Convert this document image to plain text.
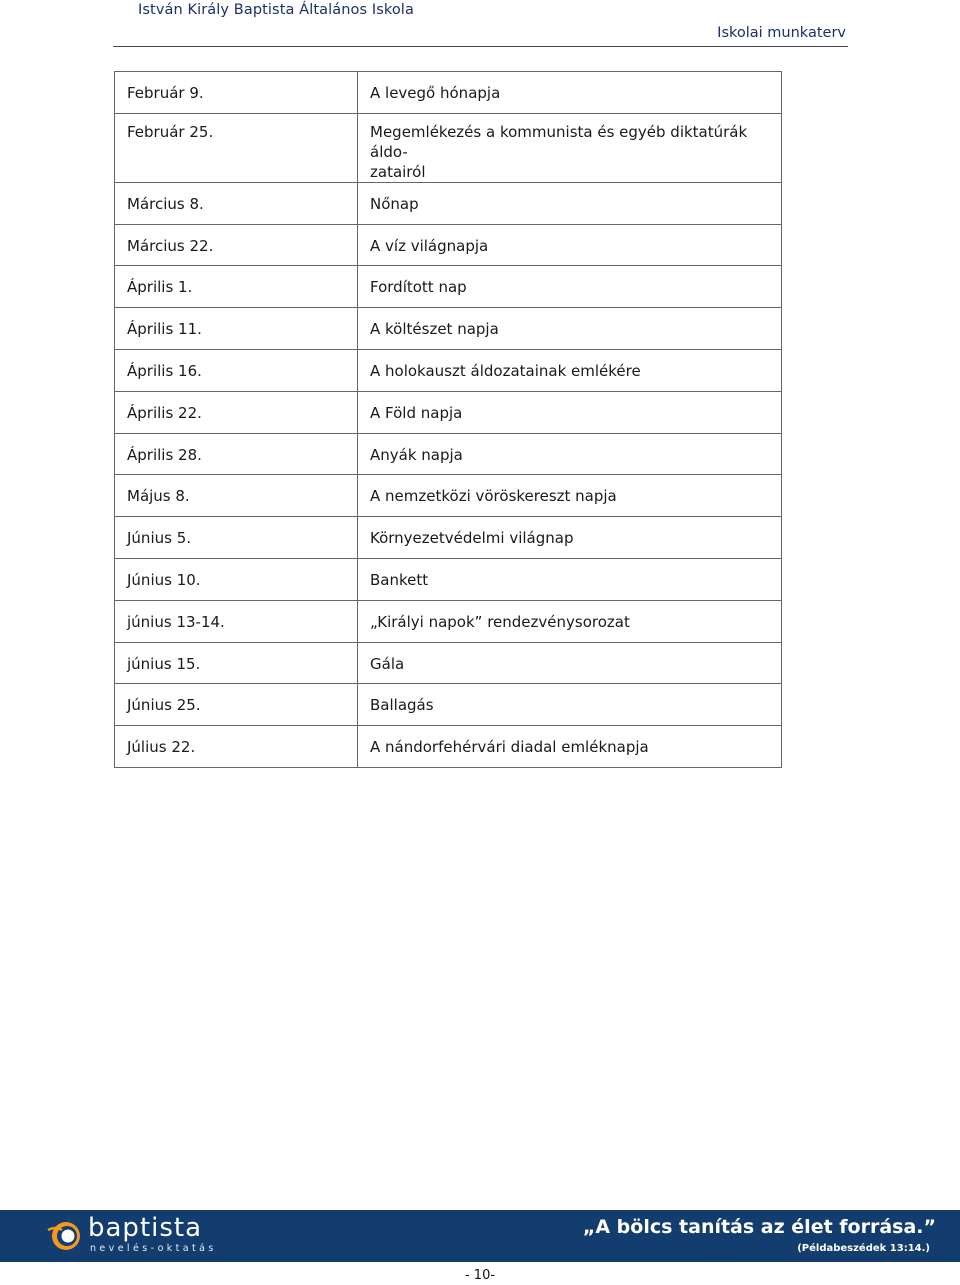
István Király Baptista Általános Iskola
Iskolai munkaterv
Február 9.	A levegő hónapja

Február 25.	Megemlékezés a kommunista és egyéb diktatúrák áldo-
zatairól

Március 8.	Nőnap

Március 22.	A víz világnapja

Április 1.	Fordított nap

Április 11.	A költészet napja

Április 16.	A holokauszt áldozatainak emlékére

Április 22.	A Föld napja

Április 28.	Anyák napja

Május 8.	A nemzetközi vöröskereszt napja

Június 5.	Környezetvédelmi világnap

Június 10.	Bankett

június 13-14.	„Királyi napok” rendezvénysorozat

június 15.	Gála

Június 25.	Ballagás

Július 22.	A nándorfehérvári diadal emléknapja
baptista
nevelés-oktatás
„A bölcs tanítás az élet forrása.”
(Példabeszédek 13:14.)
- 10-
